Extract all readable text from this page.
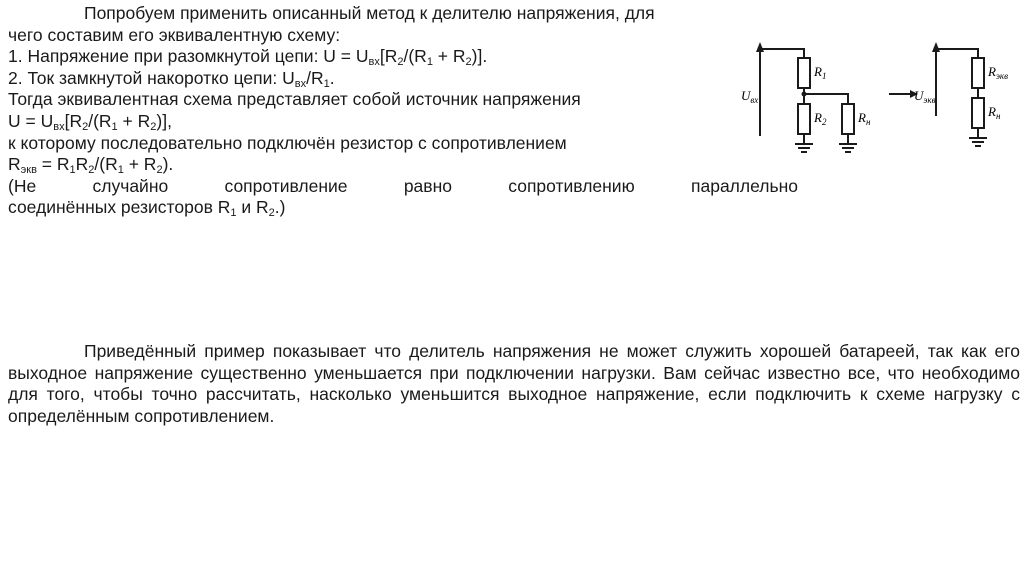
Попробуем применить описанный метод к делителю напряжения, для
чего составим его эквивалентную схему:
1. Напряжение при разомкнутой цепи: $U = U_{вх}[R_2/(R_1 + R_2)]$.
2. Ток замкнутой накоротко цепи: $U_{вх}/R_1$.
Тогда эквивалентная схема представляет собой источник напряжения
$U = U_{вх}[R_2/(R_1 + R_2)]$,
к которому последовательно подключён резистор с сопротивлением
$R_{экв} = R_1R_2/(R_1 + R_2)$.
(Не	случайно	сопротивление	равно	сопротивлению	параллельно
соединённых резисторов $R_1$ и $R_2$.)
$U_{вх}$
$R_1$
$R_2$ $R_н$
$U_{экв}$
$R_{экв}$
$R_н$
Приведённый пример показывает что делитель напряжения не может служить хорошей батареей, так как его выходное напряжение существенно уменьшается при подключении нагрузки. Вам сейчас известно все, что необходимо для того, чтобы точно рассчитать, насколько уменьшится выходное напряжение, если подключить к схеме нагрузку с определённым сопротивлением.
